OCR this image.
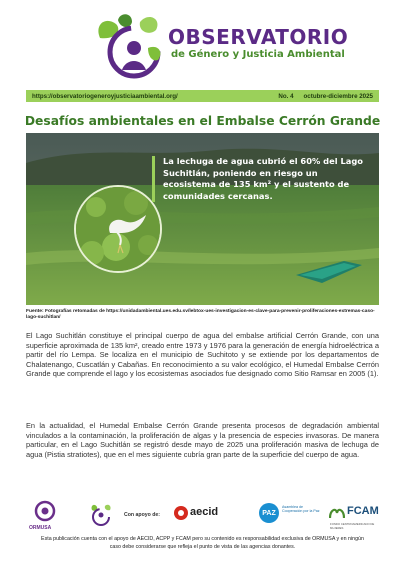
OBSERVATORIO
de Género y Justicia Ambiental
https://observatoriogeneroyjusticiaambiental.org/	No. 4 octubre-diciembre 2025
Desafíos ambientales en el Embalse Cerrón Grande
La lechuga de agua cubrió el 60% del Lago Suchitlán, poniendo en riesgo un ecosistema de 135 km² y el sustento de comunidades cercanas.
Fuente: Fotografías retomadas de https://unidadambiental.ues.edu.sv/lebtox-ues-investigacion-es-clave-para-prevenir-proliferaciones-extremas-caso-lago-suchitlan/
El Lago Suchitlán constituye el principal cuerpo de agua del embalse artificial Cerrón Grande, con una superficie aproximada de 135 km², creado entre 1973 y 1976 para la generación de energía hidroeléctrica a partir del río Lempa. Se localiza en el municipio de Suchitoto y se extiende por los departamentos de Chalatenango, Cuscatlán y Cabañas. En reconocimiento a su valor ecológico, el Humedal Embalse Cerrón Grande que comprende el lago y los ecosistemas asociados fue designado como Sitio Ramsar en 2005 (1).
En la actualidad, el Humedal Embalse Cerrón Grande presenta procesos de degradación ambiental vinculados a la contaminación, la proliferación de algas y la presencia de especies invasoras. De manera particular, en el Lago Suchitlán se registró desde mayo de 2025 una proliferación masiva de lechuga de agua (Pistia stratiotes), que en el mes siguiente cubría gran parte de la superficie del cuerpo de agua.
ORMUSA
Con apoyo de:	aecid	PAZ
Asamblea de Cooperación por la Paz FCAM
FONDO CENTROAMERICANO DE MUJERES
Esta publicación cuenta con el apoyo de AECID, ACPP y FCAM pero su contenido es responsabilidad exclusiva de ORMUSA y en ningún caso debe considerarse que refleja el punto de vista de las agencias donantes.
